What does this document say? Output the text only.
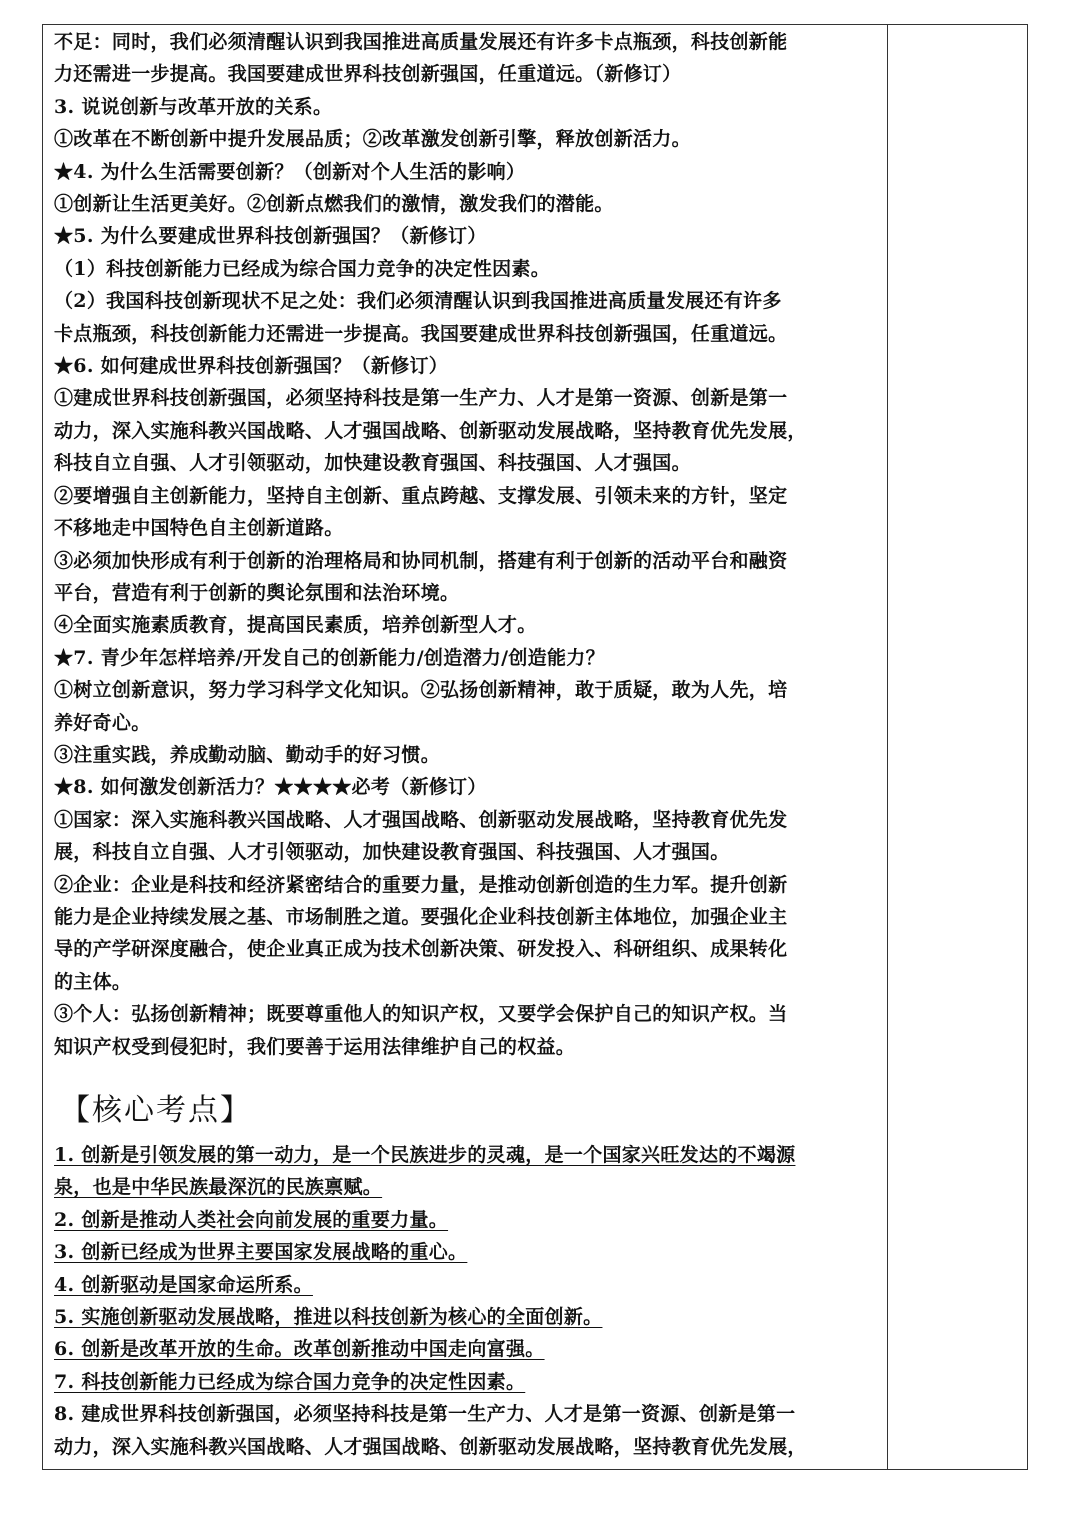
不足：同时，我们必须清醒认识到我国推进高质量发展还有许多卡点瓶颈，科技创新能
力还需进一步提高。我国要建成世界科技创新强国，任重道远。（新修订）
3. 说说创新与改革开放的关系。
①改革在不断创新中提升发展品质；②改革激发创新引擎，释放创新活力。
★4. 为什么生活需要创新？（创新对个人生活的影响）
①创新让生活更美好。②创新点燃我们的激情，激发我们的潜能。
★5. 为什么要建成世界科技创新强国？（新修订）
（1）科技创新能力已经成为综合国力竞争的决定性因素。
（2）我国科技创新现状不足之处：我们必须清醒认识到我国推进高质量发展还有许多
卡点瓶颈，科技创新能力还需进一步提高。我国要建成世界科技创新强国，任重道远。
★6. 如何建成世界科技创新强国？（新修订）
①建成世界科技创新强国，必须坚持科技是第一生产力、人才是第一资源、创新是第一
动力，深入实施科教兴国战略、人才强国战略、创新驱动发展战略，坚持教育优先发展，
科技自立自强、人才引领驱动，加快建设教育强国、科技强国、人才强国。
②要增强自主创新能力，坚持自主创新、重点跨越、支撑发展、引领未来的方针，坚定
不移地走中国特色自主创新道路。
③必须加快形成有利于创新的治理格局和协同机制，搭建有利于创新的活动平台和融资
平台，营造有利于创新的舆论氛围和法治环境。
④全面实施素质教育，提高国民素质，培养创新型人才。
★7. 青少年怎样培养/开发自己的创新能力/创造潜力/创造能力？
①树立创新意识，努力学习科学文化知识。②弘扬创新精神，敢于质疑，敢为人先，培
养好奇心。
③注重实践，养成勤动脑、勤动手的好习惯。
★8. 如何激发创新活力？★★★★必考（新修订）
①国家：深入实施科教兴国战略、人才强国战略、创新驱动发展战略，坚持教育优先发
展，科技自立自强、人才引领驱动，加快建设教育强国、科技强国、人才强国。
②企业：企业是科技和经济紧密结合的重要力量，是推动创新创造的生力军。提升创新
能力是企业持续发展之基、市场制胜之道。要强化企业科技创新主体地位，加强企业主
导的产学研深度融合，使企业真正成为技术创新决策、研发投入、科研组织、成果转化
的主体。
③个人：弘扬创新精神；既要尊重他人的知识产权，又要学会保护自己的知识产权。当
知识产权受到侵犯时，我们要善于运用法律维护自己的权益。
【核心考点】
1. 创新是引领发展的第一动力，是一个民族进步的灵魂，是一个国家兴旺发达的不竭源
泉，也是中华民族最深沉的民族禀赋。
2. 创新是推动人类社会向前发展的重要力量。
3. 创新已经成为世界主要国家发展战略的重心。
4. 创新驱动是国家命运所系。
5. 实施创新驱动发展战略，推进以科技创新为核心的全面创新。
6. 创新是改革开放的生命。改革创新推动中国走向富强。
7. 科技创新能力已经成为综合国力竞争的决定性因素。
8. 建成世界科技创新强国，必须坚持科技是第一生产力、人才是第一资源、创新是第一
动力，深入实施科教兴国战略、人才强国战略、创新驱动发展战略，坚持教育优先发展，
